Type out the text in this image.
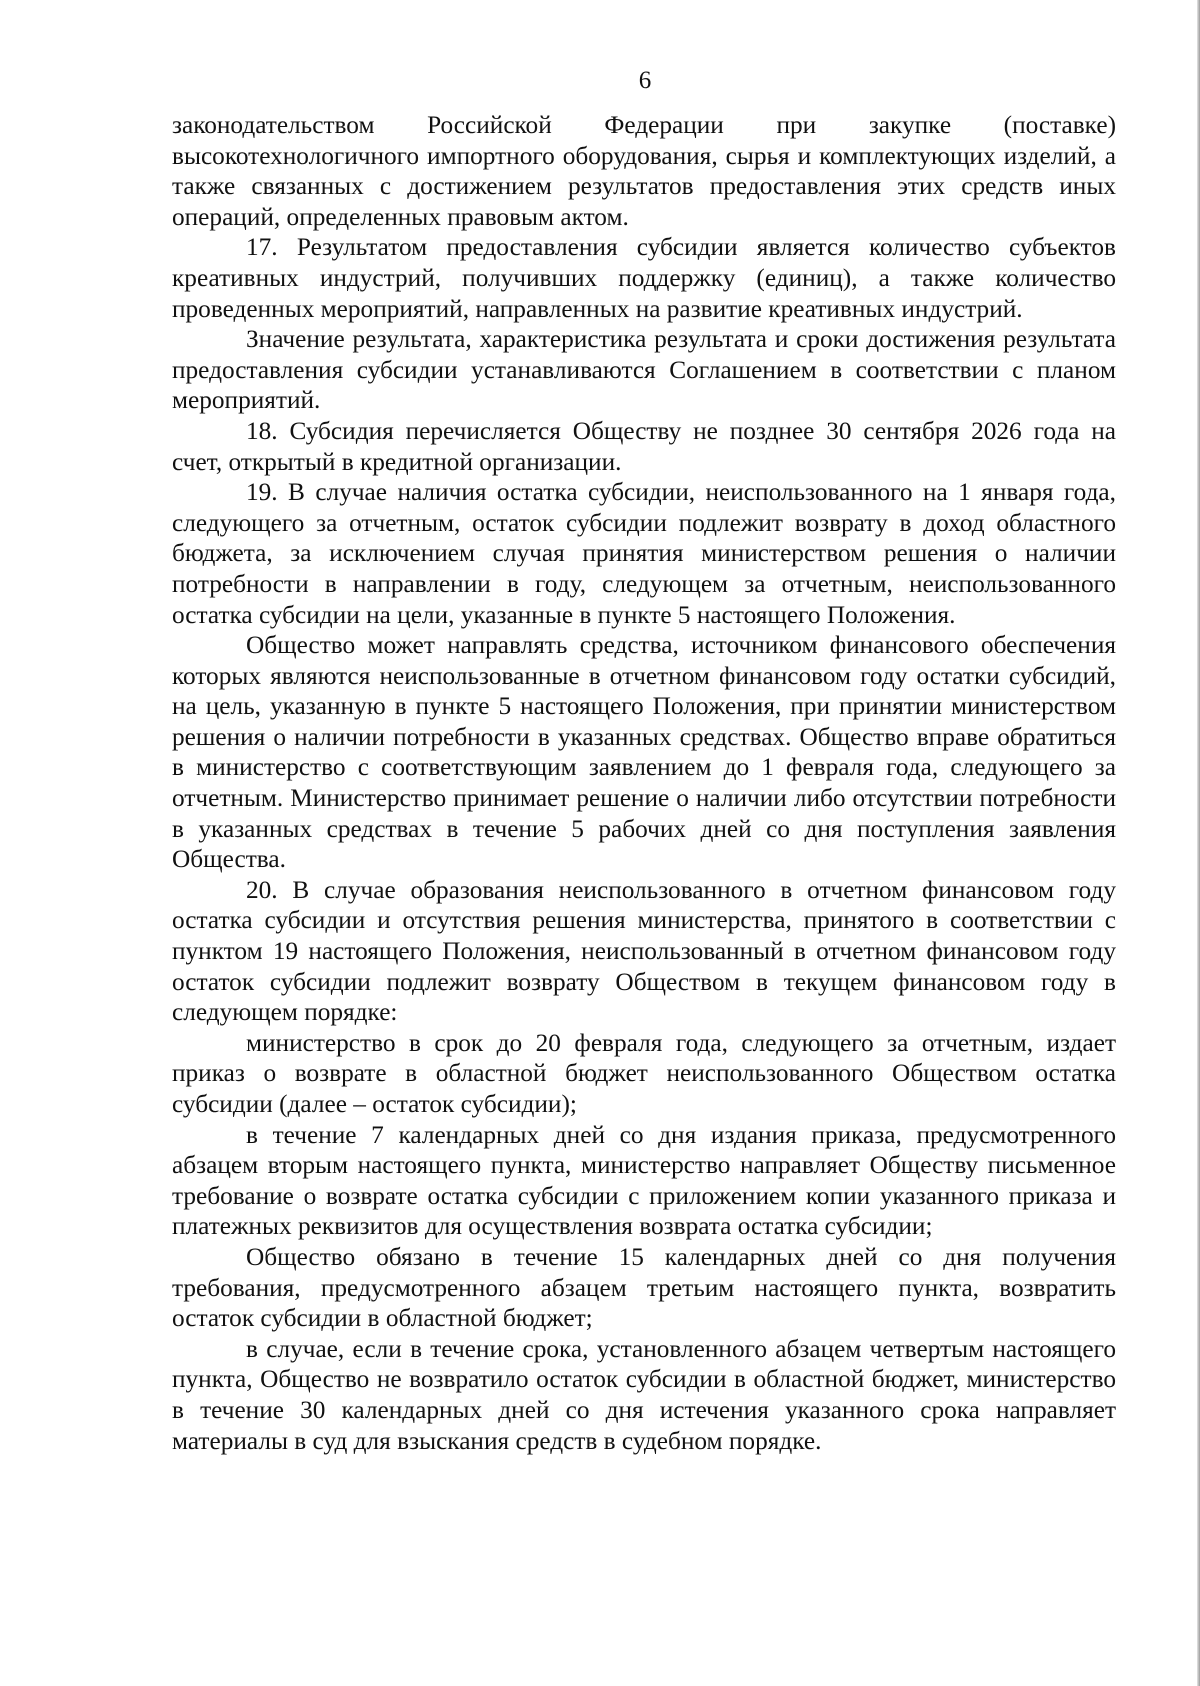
6

законодательством Российской Федерации при закупке (поставке) высокотехнологичного импортного оборудования, сырья и комплектующих изделий, а также связанных с достижением результатов предоставления этих средств иных операций, определенных правовым актом.

17. Результатом предоставления субсидии является количество субъектов креативных индустрий, получивших поддержку (единиц), а также количество проведенных мероприятий, направленных на развитие креативных индустрий.

Значение результата, характеристика результата и сроки достижения результата предоставления субсидии устанавливаются Соглашением в соответствии с планом мероприятий.

18. Субсидия перечисляется Обществу не позднее 30 сентября 2026 года на счет, открытый в кредитной организации.

19. В случае наличия остатка субсидии, неиспользованного на 1 января года, следующего за отчетным, остаток субсидии подлежит возврату в доход областного бюджета, за исключением случая принятия министерством решения о наличии потребности в направлении в году, следующем за отчетным, неиспользованного остатка субсидии на цели, указанные в пункте 5 настоящего Положения.

Общество может направлять средства, источником финансового обеспечения которых являются неиспользованные в отчетном финансовом году остатки субсидий, на цель, указанную в пункте 5 настоящего Положения, при принятии министерством решения о наличии потребности в указанных средствах. Общество вправе обратиться в министерство с соответствующим заявлением до 1 февраля года, следующего за отчетным. Министерство принимает решение о наличии либо отсутствии потребности в указанных средствах в течение 5 рабочих дней со дня поступления заявления Общества.

20. В случае образования неиспользованного в отчетном финансовом году остатка субсидии и отсутствия решения министерства, принятого в соответствии с пунктом 19 настоящего Положения, неиспользованный в отчетном финансовом году остаток субсидии подлежит возврату Обществом в текущем финансовом году в следующем порядке:

министерство в срок до 20 февраля года, следующего за отчетным, издает приказ о возврате в областной бюджет неиспользованного Обществом остатка субсидии (далее – остаток субсидии);

в течение 7 календарных дней со дня издания приказа, предусмотренного абзацем вторым настоящего пункта, министерство направляет Обществу письменное требование о возврате остатка субсидии с приложением копии указанного приказа и платежных реквизитов для осуществления возврата остатка субсидии;

Общество обязано в течение 15 календарных дней со дня получения требования, предусмотренного абзацем третьим настоящего пункта, возвратить остаток субсидии в областной бюджет;

в случае, если в течение срока, установленного абзацем четвертым настоящего пункта, Общество не возвратило остаток субсидии в областной бюджет, министерство в течение 30 календарных дней со дня истечения указанного срока направляет материалы в суд для взыскания средств в судебном порядке.
